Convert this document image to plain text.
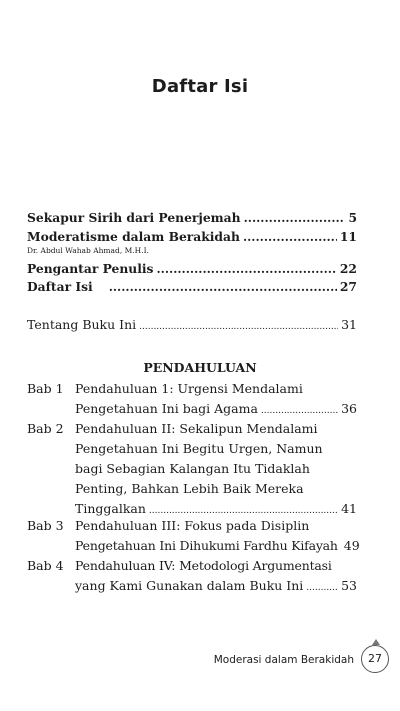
Daftar Isi
Sekapur Sirih dari Penerjemah .....	5
Moderatisme dalam Berakidah .....	11
Dr. Abdul Wahab Ahmad, M.H.I.
Pengantar Penulis .....	22
Daftar Isi .....	27
Tentang Buku Ini .....	31
PENDAHULUAN
Bab 1 Pendahuluan 1: Urgensi Mendalami
Pengetahuan Ini bagi Agama .....	36
Bab 2 Pendahuluan II: Sekalipun Mendalami
Pengetahuan Ini Begitu Urgen, Namun
bagi Sebagian Kalangan Itu Tidaklah
Penting, Bahkan Lebih Baik Mereka
Tinggalkan .....	41
Bab 3 Pendahuluan III: Fokus pada Disiplin
Pengetahuan Ini Dihukumi Fardhu Kifayah 49
Bab 4 Pendahuluan IV: Metodologi Argumentasi
yang Kami Gunakan dalam Buku Ini .....	53
Moderasi dalam Berakidah	27
